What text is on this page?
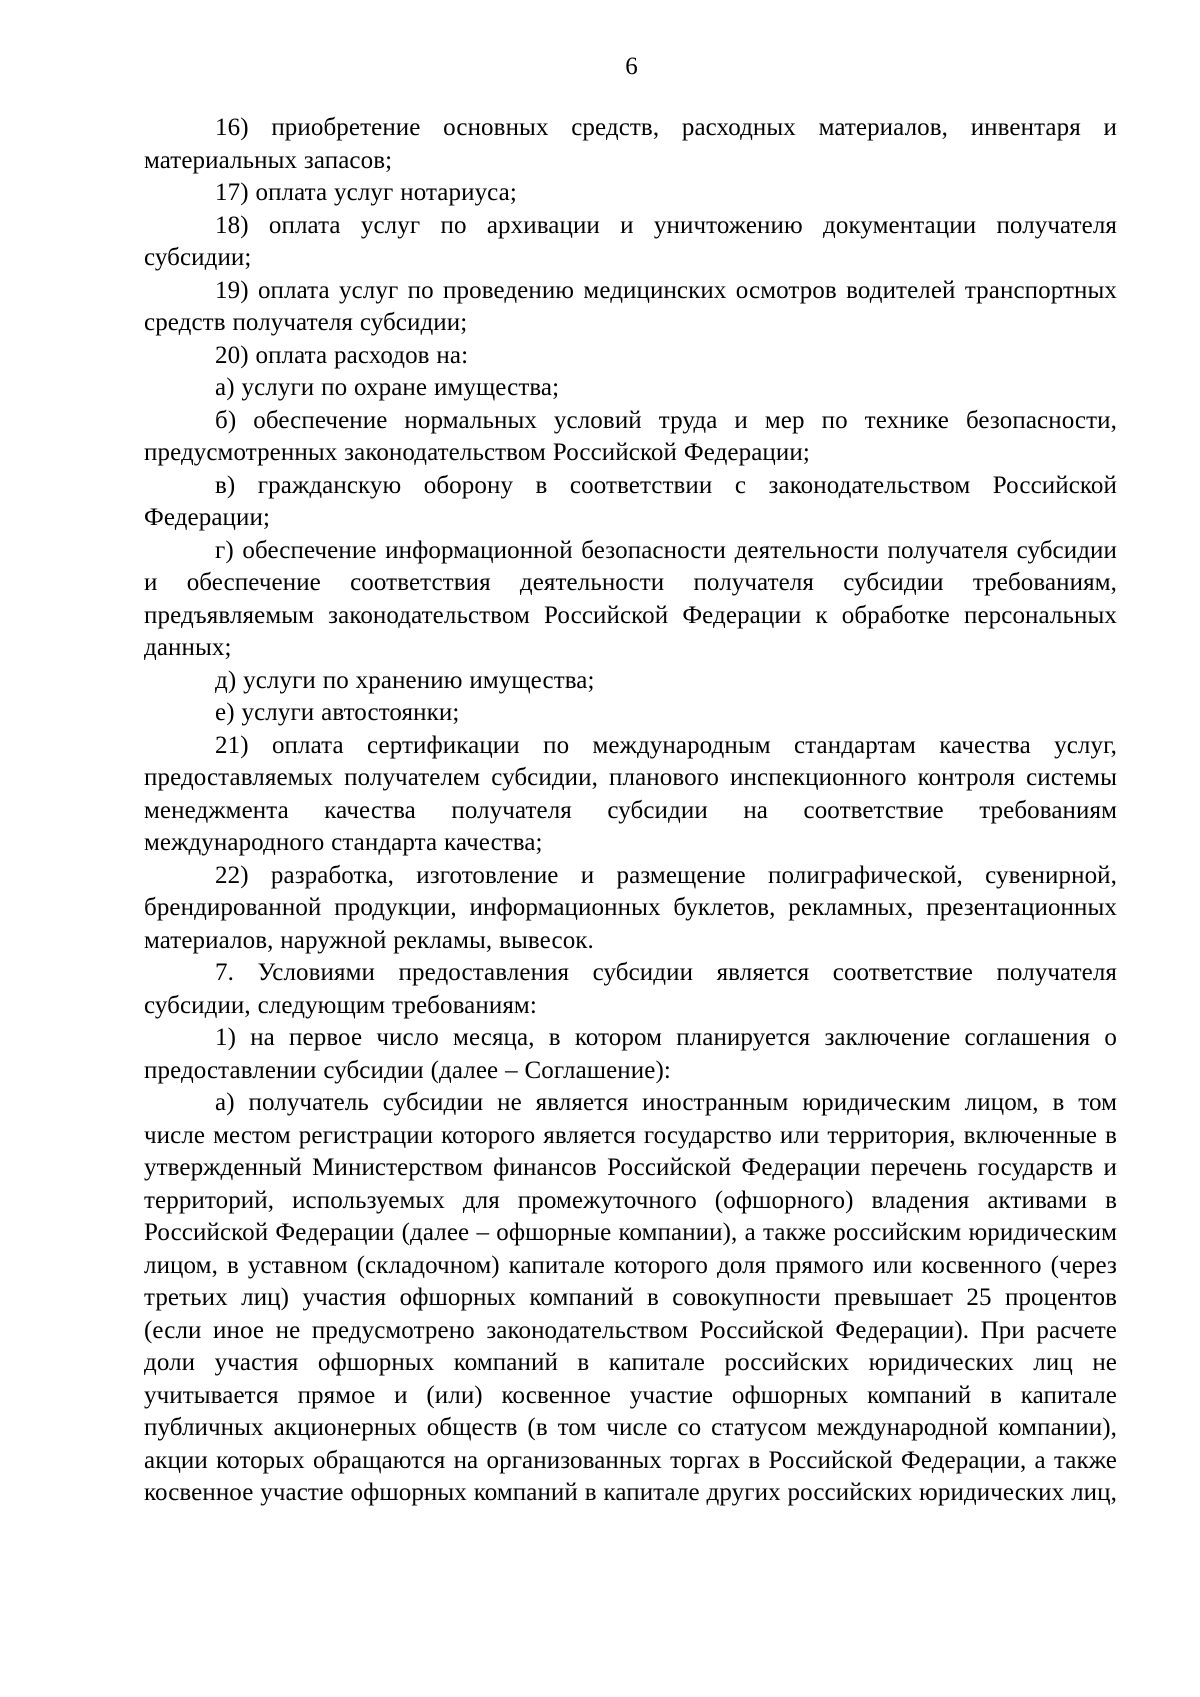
6

16) приобретение основных средств, расходных материалов, инвентаря и материальных запасов;

17) оплата услуг нотариуса;

18) оплата услуг по архивации и уничтожению документации получателя субсидии;

19) оплата услуг по проведению медицинских осмотров водителей транспортных средств получателя субсидии;

20) оплата расходов на:

а) услуги по охране имущества;

б) обеспечение нормальных условий труда и мер по технике безопасности, предусмотренных законодательством Российской Федерации;

в) гражданскую оборону в соответствии с законодательством Российской Федерации;

г) обеспечение информационной безопасности деятельности получателя субсидии и обеспечение соответствия деятельности получателя субсидии требованиям, предъявляемым законодательством Российской Федерации к обработке персональных данных;

д) услуги по хранению имущества;

е) услуги автостоянки;

21) оплата сертификации по международным стандартам качества услуг, предоставляемых получателем субсидии, планового инспекционного контроля системы менеджмента качества получателя субсидии на соответствие требованиям международного стандарта качества;

22) разработка, изготовление и размещение полиграфической, сувенирной, брендированной продукции, информационных буклетов, рекламных, презентационных материалов, наружной рекламы, вывесок.

7. Условиями предоставления субсидии является соответствие получателя субсидии, следующим требованиям:

1) на первое число месяца, в котором планируется заключение соглашения о предоставлении субсидии (далее – Соглашение):

а) получатель субсидии не является иностранным юридическим лицом, в том числе местом регистрации которого является государство или территория, включенные в утвержденный Министерством финансов Российской Федерации перечень государств и территорий, используемых для промежуточного (офшорного) владения активами в Российской Федерации (далее – офшорные компании), а также российским юридическим лицом, в уставном (складочном) капитале которого доля прямого или косвенного (через третьих лиц) участия офшорных компаний в совокупности превышает 25 процентов (если иное не предусмотрено законодательством Российской Федерации). При расчете доли участия офшорных компаний в капитале российских юридических лиц не учитывается прямое и (или) косвенное участие офшорных компаний в капитале публичных акционерных обществ (в том числе со статусом международной компании), акции которых обращаются на организованных торгах в Российской Федерации, а также косвенное участие офшорных компаний в капитале других российских юридических лиц,
